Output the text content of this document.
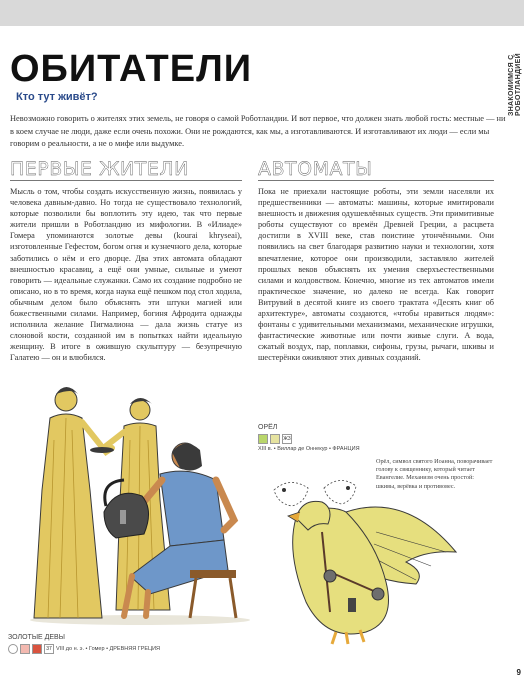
ЗНАКОМИМСЯ С РОБОТЛАНДИЕЙ
ОБИТАТЕЛИ
Кто тут живёт?
Невозможно говорить о жителях этих земель, не говоря о самой Роботландии. И вот первое, что должен знать любой гость: местные — ни в коем случае не люди, даже если очень похожи. Они не рождаются, как мы, а изготавливаются. И изготавливают их люди — если мы говорим о реальности, а не о мифе или выдумке.
ПЕРВЫЕ ЖИТЕЛИ
Мысль о том, чтобы создать искусственную жизнь, появилась у человека давным-давно. Но тогда не существовало технологий, которые позволили бы воплотить эту идею, так что первые жители пришли в Роботландию из мифологии. В «Илиаде» Гомера упоминаются золотые девы (kourai khryseai), изготовленные Гефестом, богом огня и кузнечного дела, которые заботились о нём и его дворце. Два этих автомата обладают внешностью красавиц, а ещё они умные, сильные и умеют говорить — идеальные служанки. Само их создание подробно не описано, но в то время, когда наука ещё пешком под стол ходила, обычным делом было объяснять эти штуки магией или божественными силами. Например, богиня Афродита однажды исполнила желание Пигмалиона — дала жизнь статуе из слоновой кости, созданной им в попытках найти идеальную женщину. В итоге в ожившую скульптуру — безупречную Галатею — он и влюбился.
АВТОМАТЫ
Пока не приехали настоящие роботы, эти земли населяли их предшественники — автоматы: машины, которые имитировали внешность и движения одушевлённых существ. Эти примитивные роботы существуют со времён Древней Греции, а расцвета достигли в XVIII веке, став поистине утончёнными. Они появились на свет благодаря развитию науки и технологии, хотя впечатление, которое они производили, заставляло жителей прошлых веков объяснять их умения сверхъестественными силами и колдовством. Конечно, многие из тех автоматов имели практическое значение, но далеко не всегда. Как говорит Витрувий в десятой книге из своего трактата «Десять книг об архитектуре», автоматы создаются, «чтобы нравиться людям»: фонтаны с удивительными механизмами, механические игрушки, фантастические животные или почти живые слуги. А вода, сжатый воздух, пар, поплавки, сифоны, грузы, рычаги, шкивы и шестерёнки оживляют этих дивных созданий.
ЗОЛОТЫЕ ДЕВЫ
37 VIII до н. э. • Гомер • ДРЕВНЯЯ ГРЕЦИЯ
ОРЁЛ
Ж3
XIII в. • Виллар де Оннекур • ФРАНЦИЯ
Орёл, символ святого Иоанна, поворачивает голову к священнику, который читает Евангелие. Механизм очень простой: шкивы, верёвка и противовес.
9
